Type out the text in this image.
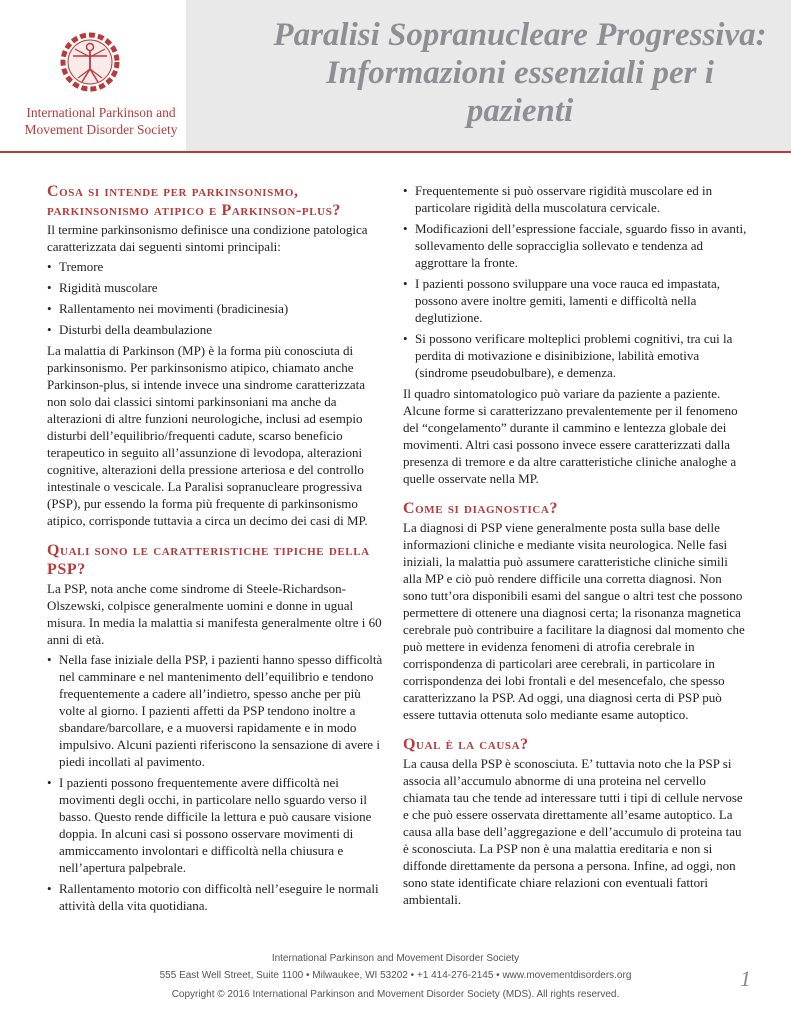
International Parkinson and Movement Disorder Society
Paralisi Sopranucleare Progressiva: Informazioni essenziali per i pazienti
Cosa si intende per parkinsonismo, parkinsonismo atipico e Parkinson-plus?

Il termine parkinsonismo definisce una condizione patologica caratterizzata dai seguenti sintomi principali:

• Tremore
• Rigidità muscolare
• Rallentamento nei movimenti (bradicinesia)
• Disturbi della deambulazione

La malattia di Parkinson (MP) è la forma più conosciuta di parkinsonismo. Per parkinsonismo atipico, chiamato anche Parkinson-plus, si intende invece una sindrome caratterizzata non solo dai classici sintomi parkinsoniani ma anche da alterazioni di altre funzioni neurologiche, inclusi ad esempio disturbi dell’equilibrio/frequenti cadute, scarso beneficio terapeutico in seguito all’assunzione di levodopa, alterazioni cognitive, alterazioni della pressione arteriosa e del controllo intestinale o vescicale. La Paralisi sopranucleare progressiva (PSP), pur essendo la forma più frequente di parkinsonismo atipico, corrisponde tuttavia a circa un decimo dei casi di MP.

Quali sono le caratteristiche tipiche della PSP?

La PSP, nota anche come sindrome di Steele-Richardson-Olszewski, colpisce generalmente uomini e donne in ugual misura. In media la malattia si manifesta generalmente oltre i 60 anni di età.

• Nella fase iniziale della PSP, i pazienti hanno spesso difficoltà nel camminare e nel mantenimento dell’equilibrio e tendono frequentemente a cadere all’indietro, spesso anche per più volte al giorno. I pazienti affetti da PSP tendono inoltre a sbandare/barcollare, e a muoversi rapidamente e in modo impulsivo. Alcuni pazienti riferiscono la sensazione di avere i piedi incollati al pavimento.
• I pazienti possono frequentemente avere difficoltà nei movimenti degli occhi, in particolare nello sguardo verso il basso. Questo rende difficile la lettura e può causare visione doppia. In alcuni casi si possono osservare movimenti di ammiccamento involontari e difficoltà nella chiusura e nell’apertura palpebrale.
• Rallentamento motorio con difficoltà nell’eseguire le normali attività della vita quotidiana.
• Frequentemente si può osservare rigidità muscolare ed in particolare rigidità della muscolatura cervicale.
• Modificazioni dell’espressione facciale, sguardo fisso in avanti, sollevamento delle sopracciglia sollevato e tendenza ad aggrottare la fronte.
• I pazienti possono sviluppare una voce rauca ed impastata, possono avere inoltre gemiti, lamenti e difficoltà nella deglutizione.
• Si possono verificare molteplici problemi cognitivi, tra cui la perdita di motivazione e disinibizione, labilità emotiva (sindrome pseudobulbare), e demenza.

Il quadro sintomatologico può variare da paziente a paziente. Alcune forme si caratterizzano prevalentemente per il fenomeno del “congelamento” durante il cammino e lentezza globale dei movimenti. Altri casi possono invece essere caratterizzati dalla presenza di tremore e da altre caratteristiche cliniche analoghe a quelle osservate nella MP.

Come si diagnostica?

La diagnosi di PSP viene generalmente posta sulla base delle informazioni cliniche e mediante visita neurologica. Nelle fasi iniziali, la malattia può assumere caratteristiche cliniche simili alla MP e ciò può rendere difficile una corretta diagnosi. Non sono tutt’ora disponibili esami del sangue o altri test che possono permettere di ottenere una diagnosi certa; la risonanza magnetica cerebrale può contribuire a facilitare la diagnosi dal momento che può mettere in evidenza fenomeni di atrofia cerebrale in corrispondenza di particolari aree cerebrali, in particolare in corrispondenza dei lobi frontali e del mesencefalo, che spesso caratterizzano la PSP. Ad oggi, una diagnosi certa di PSP può essere tuttavia ottenuta solo mediante esame autoptico.

Qual è la causa?

La causa della PSP è sconosciuta. E’ tuttavia noto che la PSP si associa all’accumulo abnorme di una proteina nel cervello chiamata tau che tende ad interessare tutti i tipi di cellule nervose e che può essere osservata direttamente all’esame autoptico. La causa alla base dell’aggregazione e dell’accumulo di proteina tau è sconosciuta. La PSP non è una malattia ereditaria e non si diffonde direttamente da persona a persona. Infine, ad oggi, non sono state identificate chiare relazioni con eventuali fattori ambientali.

International Parkinson and Movement Disorder Society
555 East Well Street, Suite 1100 • Milwaukee, WI 53202 • +1 414-276-2145 • www.movementdisorders.org
Copyright © 2016 International Parkinson and Movement Disorder Society (MDS). All rights reserved.
1
